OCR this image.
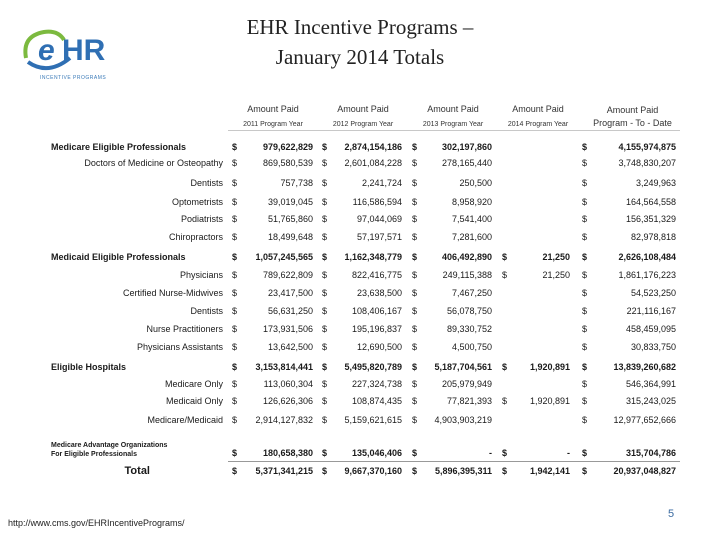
e HR
INCENTIVE PROGRAMS
EHR Incentive Programs –
January 2014 Totals
Amount Paid
2011 Program Year
Amount Paid
2012 Program Year
Amount Paid
2013 Program Year
Amount Paid
2014 Program Year
Amount Paid
Program - To - Date
Medicare Eligible Professionals	$	979,622,829 $ 2,874,154,186 $	302,197,860	$	4,155,974,875
Doctors of Medicine or Osteopathy $	869,580,539 $ 2,601,084,228 $	278,165,440	$	3,748,830,207
Dentists $	757,738 $	2,241,724 $	250,500	$	3,249,963
Optometrists $	39,019,045 $	116,586,594 $	8,958,920	$	164,564,558
Podiatrists $	51,765,860 $	97,044,069 $	7,541,400	$	156,351,329
Chiropractors $	18,499,648 $	57,197,571 $	7,281,600	$	82,978,818
Medicaid Eligible Professionals	$ 1,057,245,565 $ 1,162,348,779 $	406,492,890 $	21,250 $	2,626,108,484
Physicians $	789,622,809 $	822,416,775 $	249,115,388 $	21,250 $	1,861,176,223
Certified Nurse-Midwives $	23,417,500 $	23,638,500 $	7,467,250	$	54,523,250
Dentists $	56,631,250 $	108,406,167 $	56,078,750	$	221,116,167
Nurse Practitioners $	173,931,506 $	195,196,837 $	89,330,752	$	458,459,095
Physicians Assistants $	13,642,500 $	12,690,500 $	4,500,750	$	30,833,750
Eligible Hospitals	$ 3,153,814,441 $ 5,495,820,789 $ 5,187,704,561 $	1,920,891 $	13,839,260,682
Medicare Only $	113,060,304 $	227,324,738 $	205,979,949	$	546,364,991
Medicaid Only $	126,626,306 $	108,874,435 $	77,821,393 $	1,920,891 $	315,243,025
Medicare/Medicaid $ 2,914,127,832 $ 5,159,621,615 $ 4,903,903,219	$	12,977,652,666
Medicare Advantage Organizations
For Eligible Professionals	$	180,658,380 $	135,046,406 $	- $	- $	315,704,786
Total	$ 5,371,341,215 $ 9,667,370,160 $ 5,896,395,311 $	1,942,141 $	20,937,048,827
http://www.cms.gov/EHRIncentivePrograms/
5
